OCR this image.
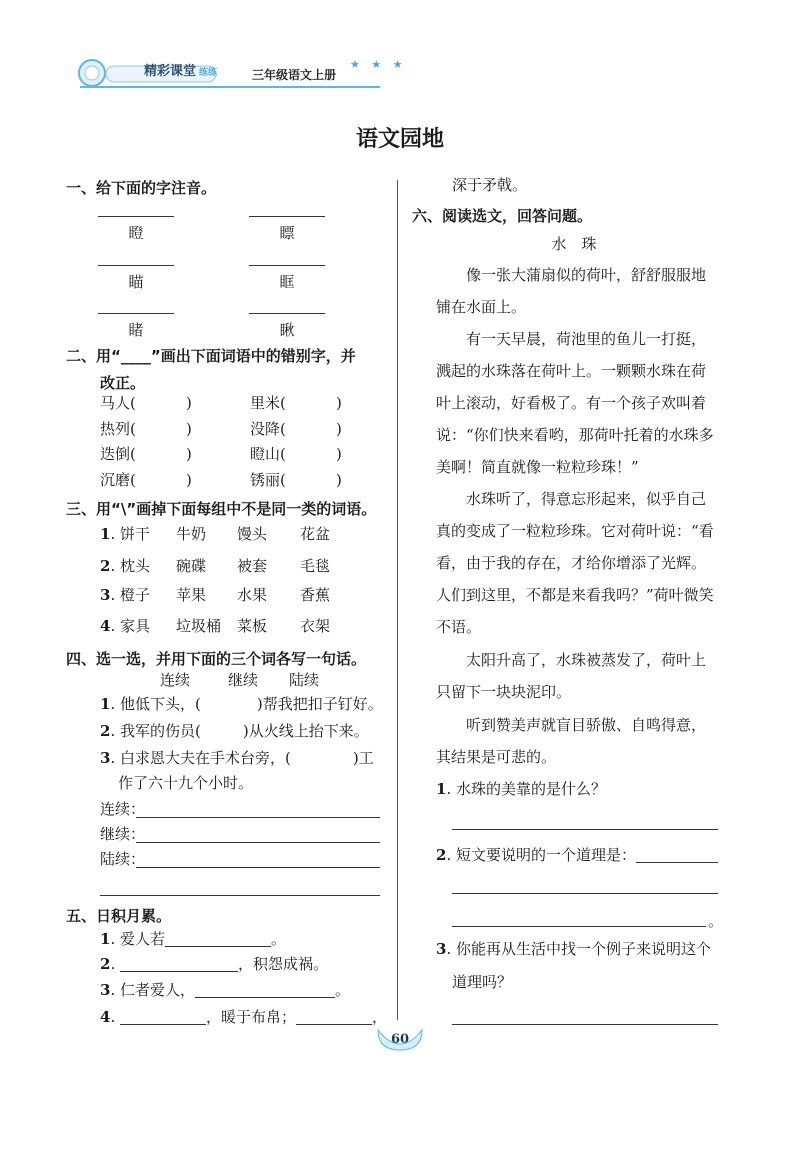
精彩课堂 练练	三年级语文上册
★ ★ ★
语文园地
一、给下面的字注音。
瞪	瞟
瞄	眶
睹	瞅
二、用“____”画出下面词语中的错别字，并
改正。
马人(	)	里米(	)
热列(	)	没降(	)
迭倒(	)	瞪山(	)
沉磨(	)	锈丽(	)
三、用“\”画掉下面每组中不是同一类的词语。
1. 饼干 牛奶 馒头 花盆
2. 枕头 碗碟 被套 毛毯
3. 橙子 苹果 水果 香蕉
4. 家具 垃圾桶 菜板 衣架
四、选一选，并用下面的三个词各写一句话。
连续	继续 陆续
1. 他低下头，(	)帮我把扣子钉好。
2. 我军的伤员(	)从火线上抬下来。
3. 白求恩大夫在手术台旁，(	)工
作了六十九个小时。
连续：
继续：
陆续：
五、日积月累。
1. 爱人若	。
2.	，积怨成祸。
3. 仁者爱人，	。
4.	，暖于布帛；	，
深于矛戟。
六、阅读选文，回答问题。
水　珠
像一张大蒲扇似的荷叶，舒舒服服地铺在水面上。
有一天早晨，荷池里的鱼儿一打挺，溅起的水珠落在荷叶上。一颗颗水珠在荷叶上滚动，好看极了。有一个孩子欢叫着说：“你们快来看哟，那荷叶托着的水珠多美啊！简直就像一粒粒珍珠！”
水珠听了，得意忘形起来，似乎自己真的变成了一粒粒珍珠。它对荷叶说：“看看，由于我的存在，才给你增添了光辉。人们到这里，不都是来看我吗？”荷叶微笑不语。
太阳升高了，水珠被蒸发了，荷叶上只留下一块块泥印。
听到赞美声就盲目骄傲、自鸣得意，其结果是可悲的。
1. 水珠的美靠的是什么？
2. 短文要说明的一个道理是：
。
3. 你能再从生活中找一个例子来说明这个
道理吗？
60
